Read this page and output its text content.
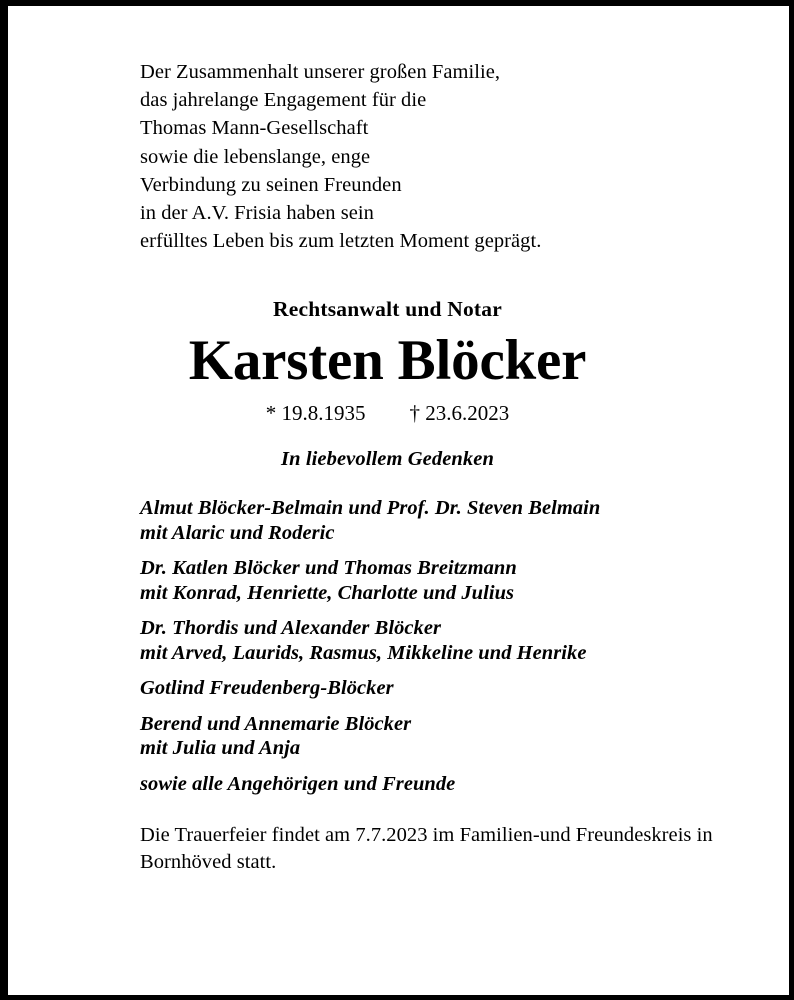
Der Zusammenhalt unserer großen Familie,
das jahrelange Engagement für die
Thomas Mann-Gesellschaft
sowie die lebenslange, enge
Verbindung zu seinen Freunden
in der A.V. Frisia haben sein
erfülltes Leben bis zum letzten Moment geprägt.
Rechtsanwalt und Notar
Karsten Blöcker
* 19.8.1935 † 23.6.2023
In liebevollem Gedenken
Almut Blöcker-Belmain und Prof. Dr. Steven Belmain
mit Alaric und Roderic
Dr. Katlen Blöcker und Thomas Breitzmann
mit Konrad, Henriette, Charlotte und Julius
Dr. Thordis und Alexander Blöcker
mit Arved, Laurids, Rasmus, Mikkeline und Henrike
Gotlind Freudenberg-Blöcker
Berend und Annemarie Blöcker
mit Julia und Anja
sowie alle Angehörigen und Freunde
Die Trauerfeier findet am 7.7.2023 im Familien-und Freundeskreis in
Bornhöved statt.
